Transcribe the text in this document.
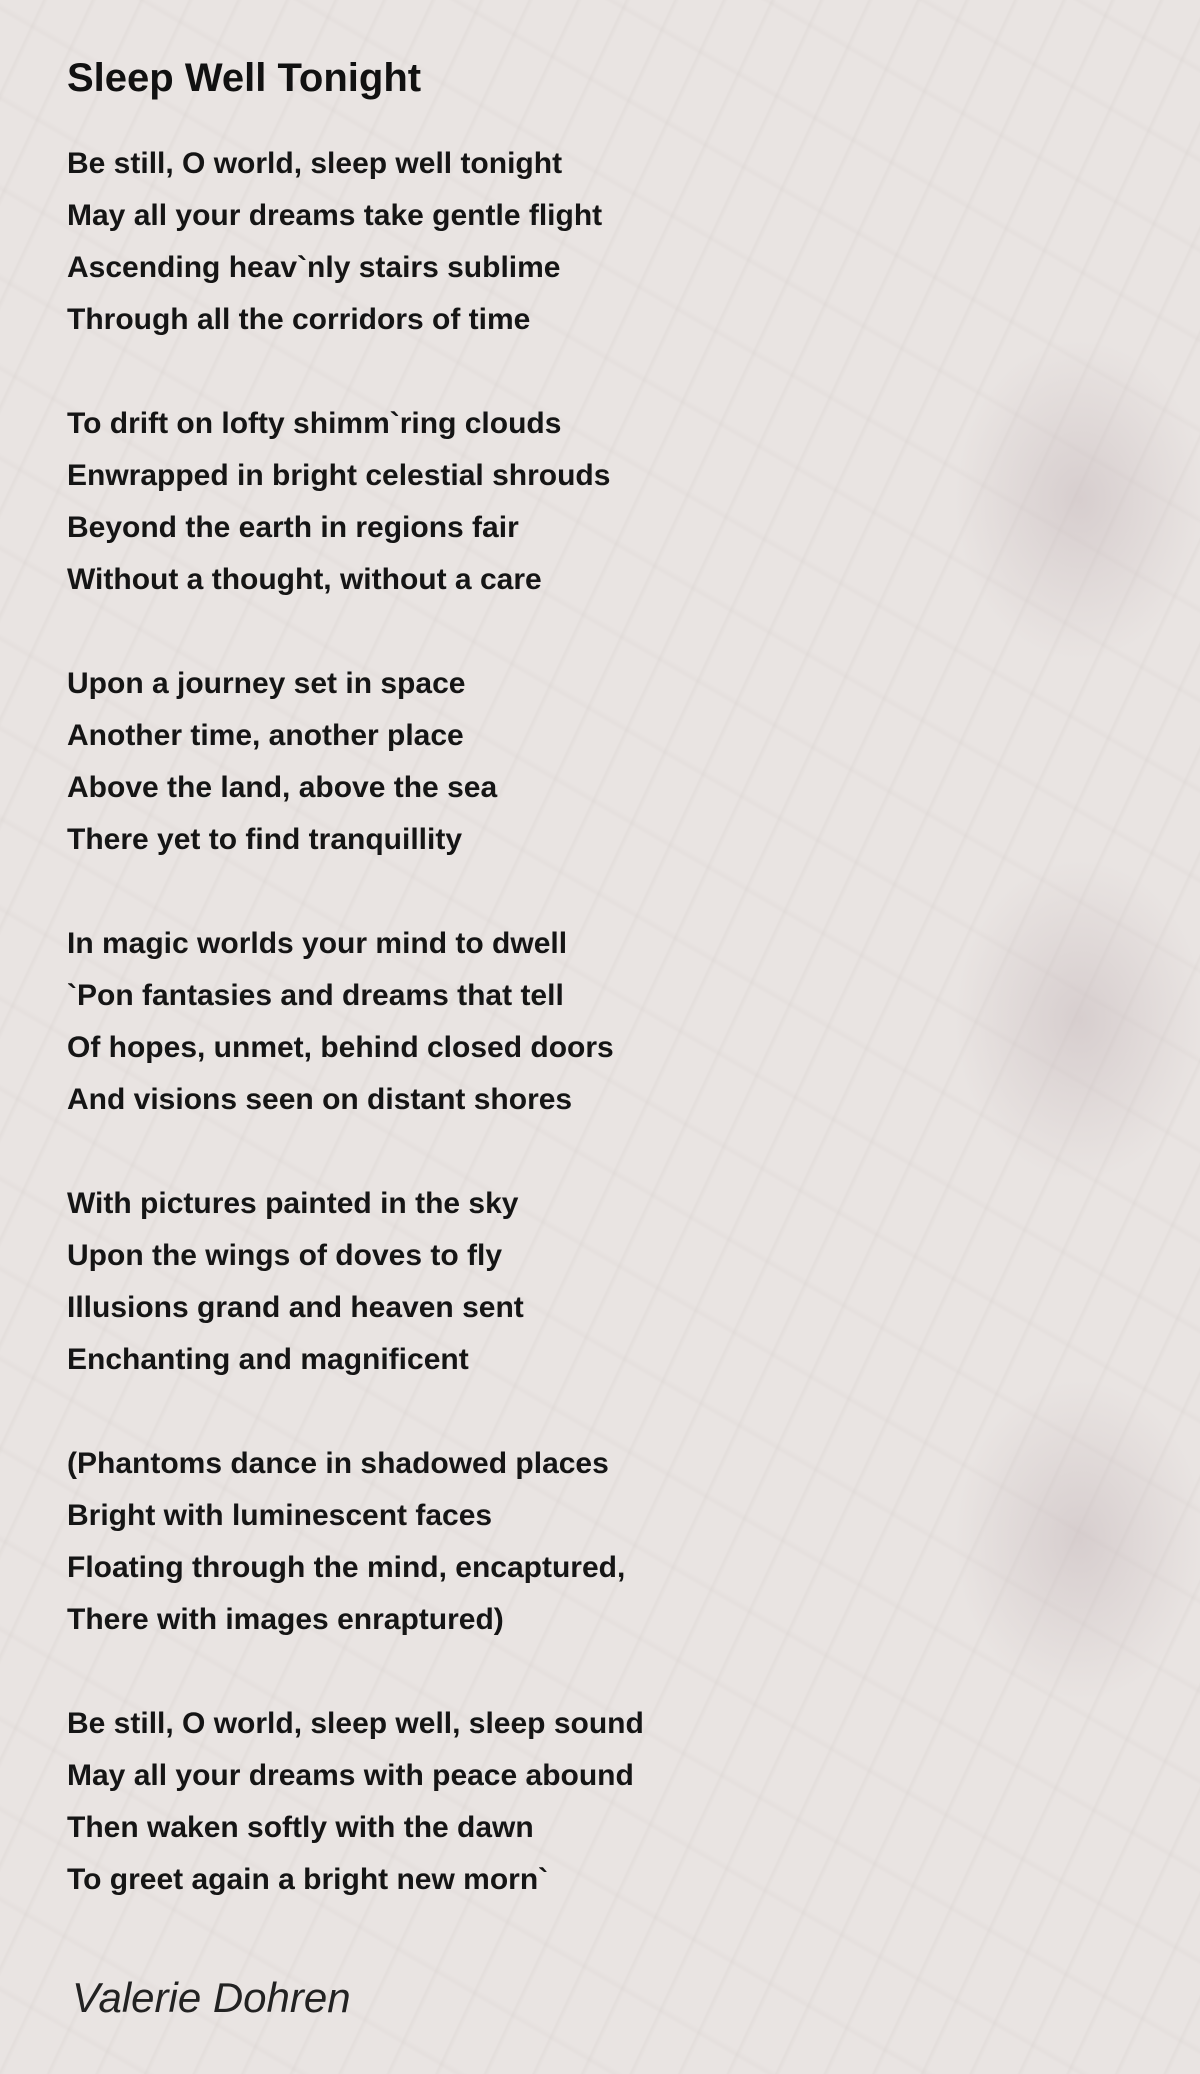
Sleep Well Tonight
Be still, O world, sleep well tonight
May all your dreams take gentle flight
Ascending heav`nly stairs sublime
Through all the corridors of time
To drift on lofty shimm`ring clouds
Enwrapped in bright celestial shrouds
Beyond the earth in regions fair
Without a thought, without a care
Upon a journey set in space
Another time, another place
Above the land, above the sea
There yet to find tranquillity
In magic worlds your mind to dwell
`Pon fantasies and dreams that tell
Of hopes, unmet, behind closed doors
And visions seen on distant shores
With pictures painted in the sky
Upon the wings of doves to fly
Illusions grand and heaven sent
Enchanting and magnificent
(Phantoms dance in shadowed places
Bright with luminescent faces
Floating through the mind, encaptured,
There with images enraptured)
Be still, O world, sleep well, sleep sound
May all your dreams with peace abound
Then waken softly with the dawn
To greet again a bright new morn`
Valerie Dohren
